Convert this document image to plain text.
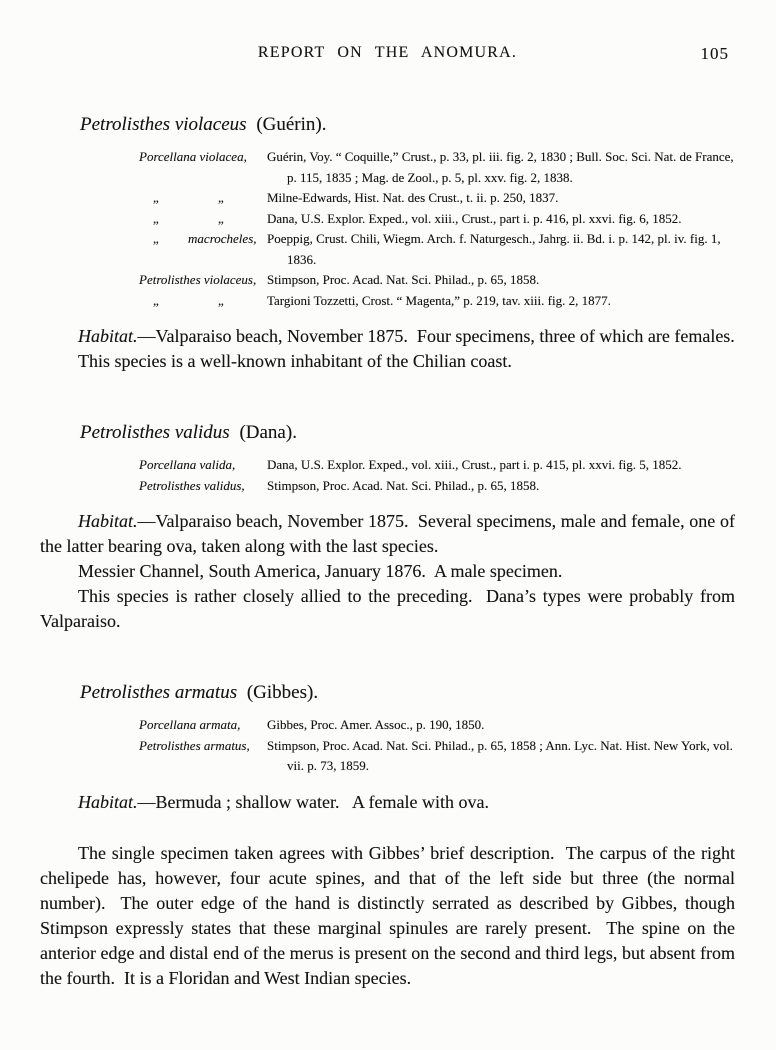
REPORT ON THE ANOMURA.	105
Petrolisthes violaceus (Guérin).
Porcellana violacea,	Guérin, Voy. “ Coquille,” Crust., p. 33, pl. iii. fig. 2, 1830 ; Bull. Soc. Sci. Nat. de France, p. 115, 1835 ; Mag. de Zool., p. 5, pl. xxv. fig. 2, 1838.
„	„	Milne-Edwards, Hist. Nat. des Crust., t. ii. p. 250, 1837.
„	„	Dana, U.S. Explor. Exped., vol. xiii., Crust., part i. p. 416, pl. xxvi. fig. 6, 1852.
„ macrocheles, Poeppig, Crust. Chili, Wiegm. Arch. f. Naturgesch., Jahrg. ii. Bd. i. p. 142, pl. iv. fig. 1, 1836.
Petrolisthes violaceus, Stimpson, Proc. Acad. Nat. Sci. Philad., p. 65, 1858.
„	„	Targioni Tozzetti, Crost. “ Magenta,” p. 219, tav. xiii. fig. 2, 1877.

Habitat.—Valparaiso beach, November 1875.  Four specimens, three of which are females.

This species is a well-known inhabitant of the Chilian coast.

Petrolisthes validus (Dana).
Porcellana valida,	Dana, U.S. Explor. Exped., vol. xiii., Crust., part i. p. 415, pl. xxvi. fig. 5, 1852.
Petrolisthes validus,	Stimpson, Proc. Acad. Nat. Sci. Philad., p. 65, 1858.

Habitat.—Valparaiso beach, November 1875.  Several specimens, male and female, one of the latter bearing ova, taken along with the last species.

Messier Channel, South America, January 1876.  A male specimen.

This species is rather closely allied to the preceding.  Dana’s types were probably from Valparaiso.

Petrolisthes armatus (Gibbes).
Porcellana armata,	Gibbes, Proc. Amer. Assoc., p. 190, 1850.
Petrolisthes armatus,	Stimpson, Proc. Acad. Nat. Sci. Philad., p. 65, 1858 ; Ann. Lyc. Nat. Hist. New York, vol. vii. p. 73, 1859.

Habitat.—Bermuda ; shallow water.   A female with ova.

The single specimen taken agrees with Gibbes’ brief description.  The carpus of the right chelipede has, however, four acute spines, and that of the left side but three (the normal number).  The outer edge of the hand is distinctly serrated as described by Gibbes, though Stimpson expressly states that these marginal spinules are rarely present.  The spine on the anterior edge and distal end of the merus is present on the second and third legs, but absent from the fourth.  It is a Floridan and West Indian species.
